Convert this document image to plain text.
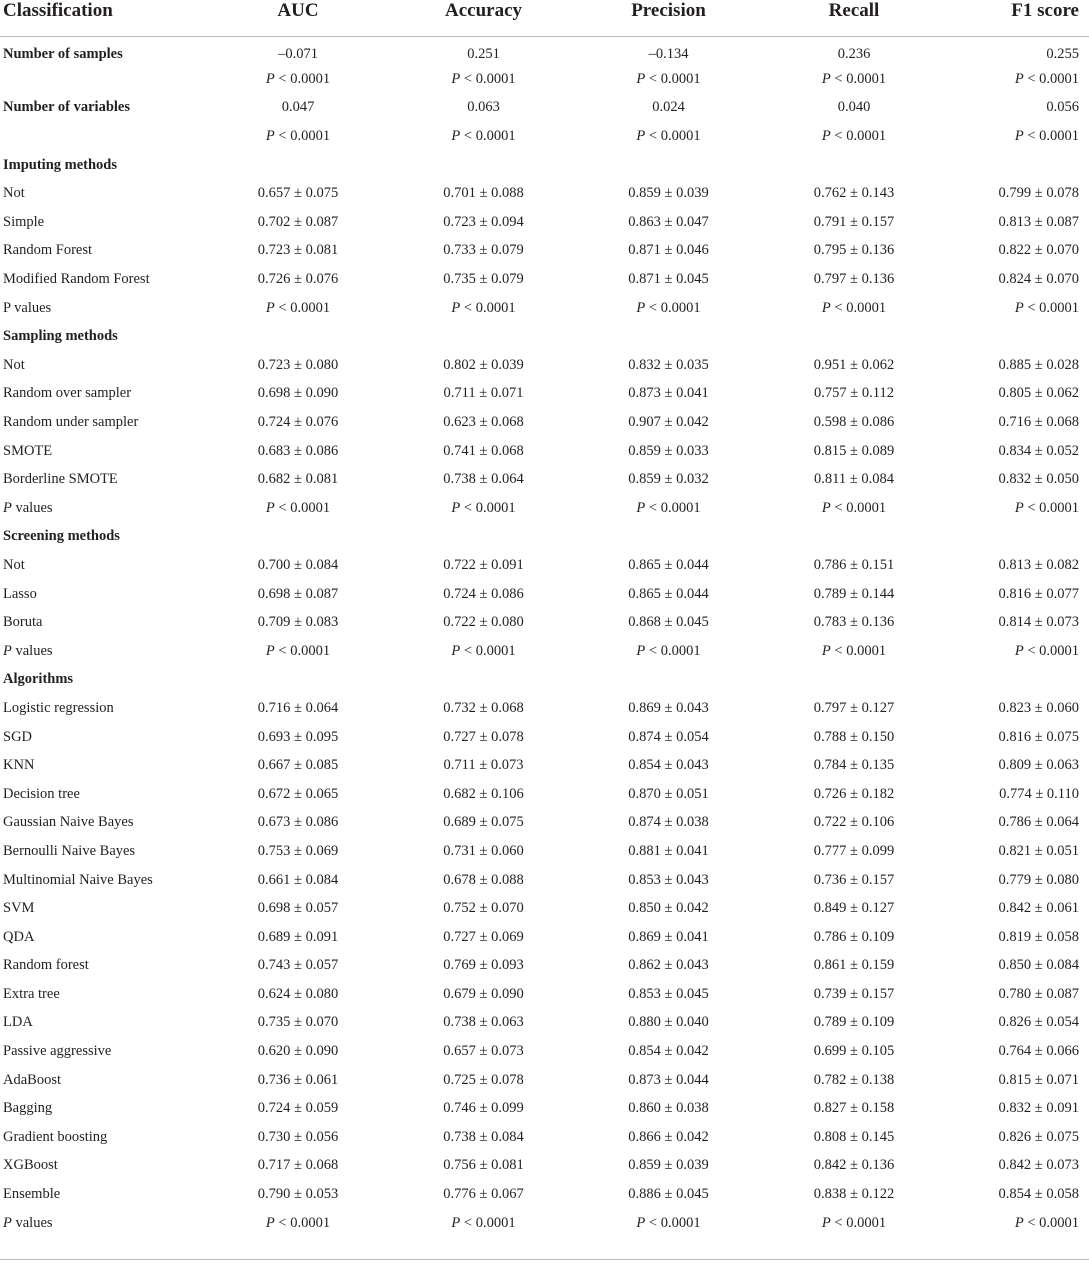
Classification	AUC	Accuracy	Precision	Recall	F1 score
Number of samples	–0.071	0.251	–0.134	0.236	0.255
	P < 0.0001	P < 0.0001	P < 0.0001	P < 0.0001	P < 0.0001
Number of variables	0.047	0.063	0.024	0.040	0.056
	P < 0.0001	P < 0.0001	P < 0.0001	P < 0.0001	P < 0.0001
Imputing methods					
Not	0.657 ± 0.075	0.701 ± 0.088	0.859 ± 0.039	0.762 ± 0.143	0.799 ± 0.078
Simple	0.702 ± 0.087	0.723 ± 0.094	0.863 ± 0.047	0.791 ± 0.157	0.813 ± 0.087
Random Forest	0.723 ± 0.081	0.733 ± 0.079	0.871 ± 0.046	0.795 ± 0.136	0.822 ± 0.070
Modified Random Forest	0.726 ± 0.076	0.735 ± 0.079	0.871 ± 0.045	0.797 ± 0.136	0.824 ± 0.070
P values	P < 0.0001	P < 0.0001	P < 0.0001	P < 0.0001	P < 0.0001
Sampling methods					
Not	0.723 ± 0.080	0.802 ± 0.039	0.832 ± 0.035	0.951 ± 0.062	0.885 ± 0.028
Random over sampler	0.698 ± 0.090	0.711 ± 0.071	0.873 ± 0.041	0.757 ± 0.112	0.805 ± 0.062
Random under sampler	0.724 ± 0.076	0.623 ± 0.068	0.907 ± 0.042	0.598 ± 0.086	0.716 ± 0.068
SMOTE	0.683 ± 0.086	0.741 ± 0.068	0.859 ± 0.033	0.815 ± 0.089	0.834 ± 0.052
Borderline SMOTE	0.682 ± 0.081	0.738 ± 0.064	0.859 ± 0.032	0.811 ± 0.084	0.832 ± 0.050
P values	P < 0.0001	P < 0.0001	P < 0.0001	P < 0.0001	P < 0.0001
Screening methods					
Not	0.700 ± 0.084	0.722 ± 0.091	0.865 ± 0.044	0.786 ± 0.151	0.813 ± 0.082
Lasso	0.698 ± 0.087	0.724 ± 0.086	0.865 ± 0.044	0.789 ± 0.144	0.816 ± 0.077
Boruta	0.709 ± 0.083	0.722 ± 0.080	0.868 ± 0.045	0.783 ± 0.136	0.814 ± 0.073
P values	P < 0.0001	P < 0.0001	P < 0.0001	P < 0.0001	P < 0.0001
Algorithms					
Logistic regression	0.716 ± 0.064	0.732 ± 0.068	0.869 ± 0.043	0.797 ± 0.127	0.823 ± 0.060
SGD	0.693 ± 0.095	0.727 ± 0.078	0.874 ± 0.054	0.788 ± 0.150	0.816 ± 0.075
KNN	0.667 ± 0.085	0.711 ± 0.073	0.854 ± 0.043	0.784 ± 0.135	0.809 ± 0.063
Decision tree	0.672 ± 0.065	0.682 ± 0.106	0.870 ± 0.051	0.726 ± 0.182	0.774 ± 0.110
Gaussian Naive Bayes	0.673 ± 0.086	0.689 ± 0.075	0.874 ± 0.038	0.722 ± 0.106	0.786 ± 0.064
Bernoulli Naive Bayes	0.753 ± 0.069	0.731 ± 0.060	0.881 ± 0.041	0.777 ± 0.099	0.821 ± 0.051
Multinomial Naive Bayes	0.661 ± 0.084	0.678 ± 0.088	0.853 ± 0.043	0.736 ± 0.157	0.779 ± 0.080
SVM	0.698 ± 0.057	0.752 ± 0.070	0.850 ± 0.042	0.849 ± 0.127	0.842 ± 0.061
QDA	0.689 ± 0.091	0.727 ± 0.069	0.869 ± 0.041	0.786 ± 0.109	0.819 ± 0.058
Random forest	0.743 ± 0.057	0.769 ± 0.093	0.862 ± 0.043	0.861 ± 0.159	0.850 ± 0.084
Extra tree	0.624 ± 0.080	0.679 ± 0.090	0.853 ± 0.045	0.739 ± 0.157	0.780 ± 0.087
LDA	0.735 ± 0.070	0.738 ± 0.063	0.880 ± 0.040	0.789 ± 0.109	0.826 ± 0.054
Passive aggressive	0.620 ± 0.090	0.657 ± 0.073	0.854 ± 0.042	0.699 ± 0.105	0.764 ± 0.066
AdaBoost	0.736 ± 0.061	0.725 ± 0.078	0.873 ± 0.044	0.782 ± 0.138	0.815 ± 0.071
Bagging	0.724 ± 0.059	0.746 ± 0.099	0.860 ± 0.038	0.827 ± 0.158	0.832 ± 0.091
Gradient boosting	0.730 ± 0.056	0.738 ± 0.084	0.866 ± 0.042	0.808 ± 0.145	0.826 ± 0.075
XGBoost	0.717 ± 0.068	0.756 ± 0.081	0.859 ± 0.039	0.842 ± 0.136	0.842 ± 0.073
Ensemble	0.790 ± 0.053	0.776 ± 0.067	0.886 ± 0.045	0.838 ± 0.122	0.854 ± 0.058
P values	P < 0.0001	P < 0.0001	P < 0.0001	P < 0.0001	P < 0.0001
